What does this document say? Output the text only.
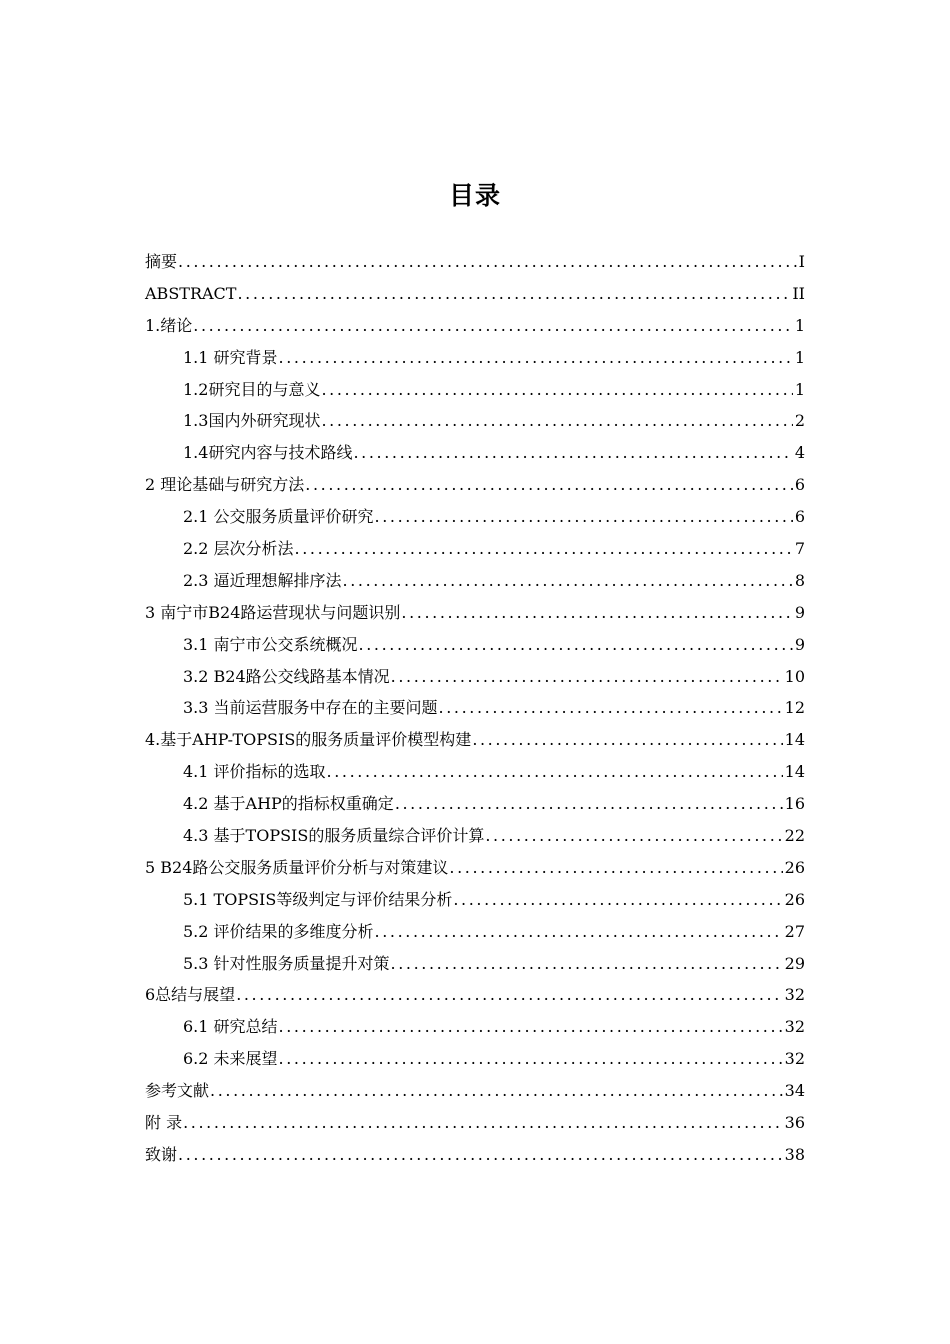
目录
摘要 .....	I
ABSTRACT .....	II
1.绪论 .....	1
1.1 研究背景 .....	1
1.2研究目的与意义 .....	1
1.3国内外研究现状 .....	2
1.4研究内容与技术路线 .....	4
2 理论基础与研究方法 .....	6
2.1 公交服务质量评价研究 .....	6
2.2 层次分析法 .....	7
2.3 逼近理想解排序法 .....	8
3 南宁市B24路运营现状与问题识别 .....	9
3.1 南宁市公交系统概况 .....	9
3.2 B24路公交线路基本情况 .....	10
3.3 当前运营服务中存在的主要问题 .....	12
4.基于AHP-TOPSIS的服务质量评价模型构建 .....	14
4.1 评价指标的选取 .....	14
4.2 基于AHP的指标权重确定 .....	16
4.3 基于TOPSIS的服务质量综合评价计算 .....	22
5 B24路公交服务质量评价分析与对策建议 .....	26
5.1 TOPSIS等级判定与评价结果分析 .....	26
5.2 评价结果的多维度分析 .....	27
5.3 针对性服务质量提升对策 .....	29
6总结与展望 .....	32
6.1 研究总结 .....	32
6.2 未来展望 .....	32
参考文献 .....	34
附 录 .....	36
致谢 .....	38
